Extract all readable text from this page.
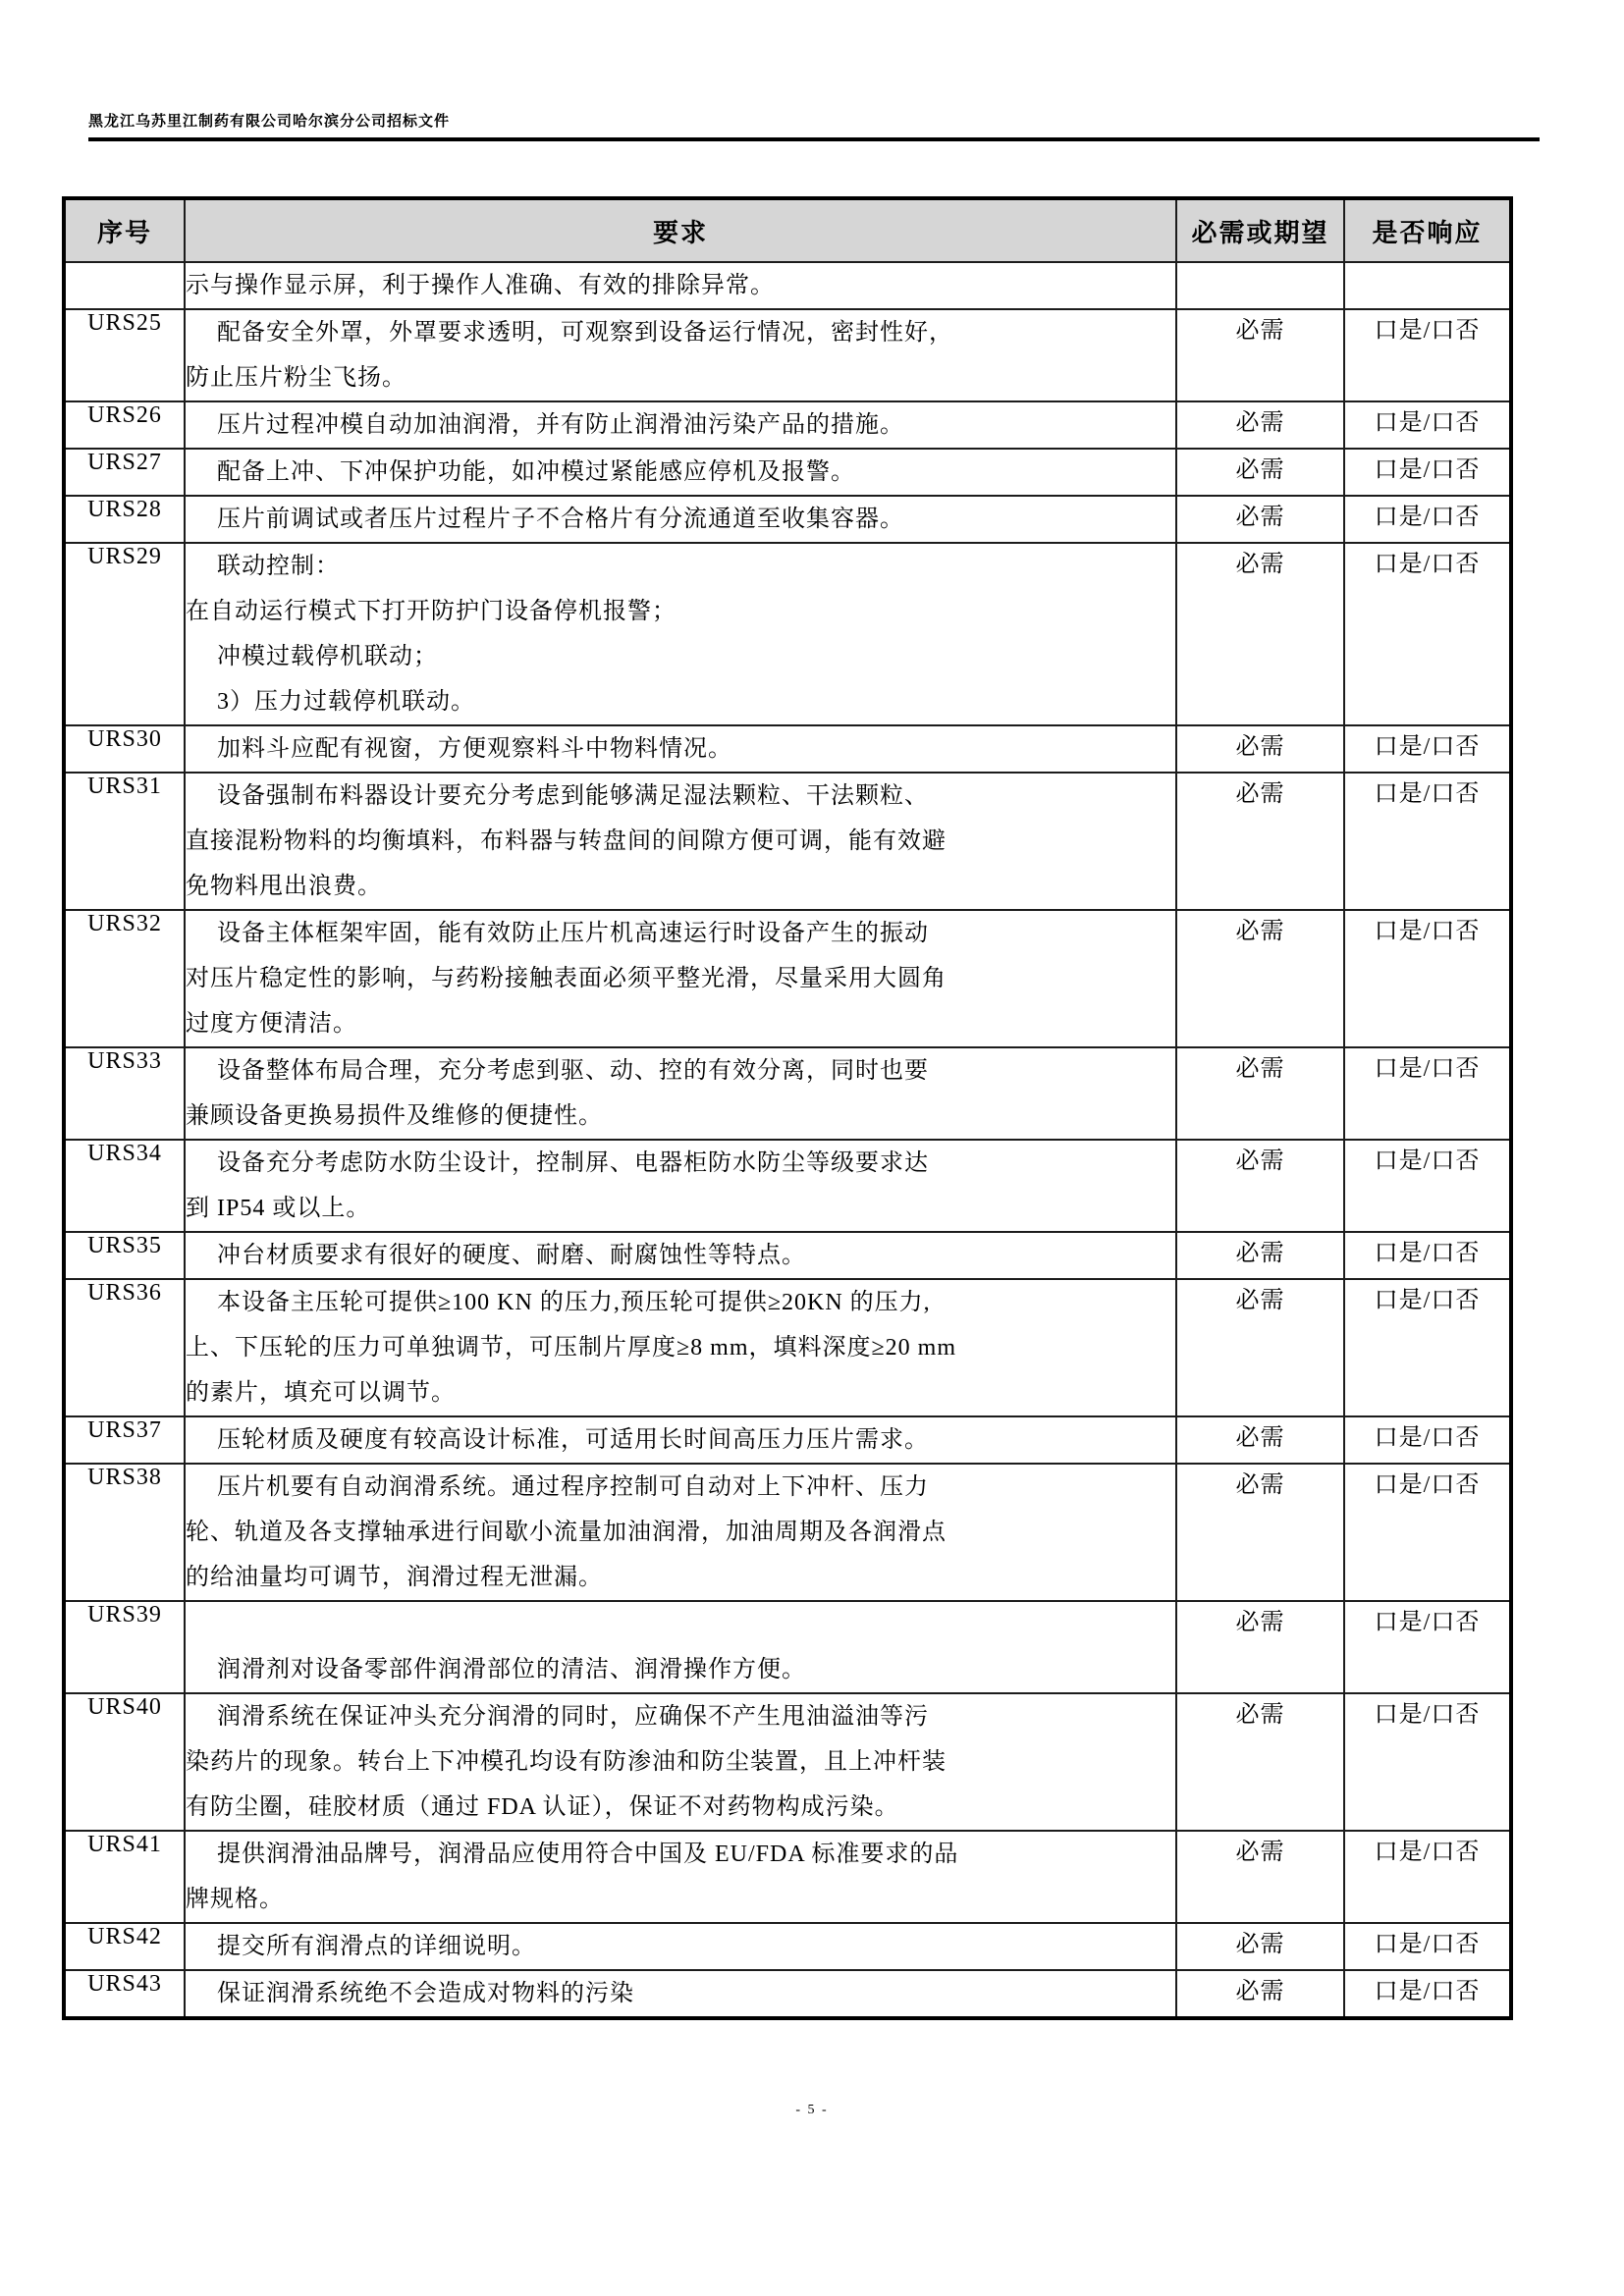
黑龙江乌苏里江制药有限公司哈尔滨分公司招标文件
序号	要求	必需或期望	是否响应

	示与操作显示屏，利于操作人准确、有效的排除异常。		

URS25	配备安全外罩，外罩要求透明，可观察到设备运行情况，密封性好，
防止压片粉尘飞扬。	必需	口是/口否
URS26	压片过程冲模自动加油润滑，并有防止润滑油污染产品的措施。	必需	口是/口否
URS27	配备上冲、下冲保护功能，如冲模过紧能感应停机及报警。	必需	口是/口否
URS28	压片前调试或者压片过程片子不合格片有分流通道至收集容器。	必需	口是/口否
URS29	联动控制：
在自动运行模式下打开防护门设备停机报警；
冲模过载停机联动；
3）压力过载停机联动。	必需	口是/口否
URS30	加料斗应配有视窗，方便观察料斗中物料情况。	必需	口是/口否
URS31	设备强制布料器设计要充分考虑到能够满足湿法颗粒、干法颗粒、
直接混粉物料的均衡填料，布料器与转盘间的间隙方便可调，能有效避
免物料甩出浪费。	必需	口是/口否
URS32	设备主体框架牢固，能有效防止压片机高速运行时设备产生的振动
对压片稳定性的影响，与药粉接触表面必须平整光滑，尽量采用大圆角
过度方便清洁。	必需	口是/口否
URS33	设备整体布局合理，充分考虑到驱、动、控的有效分离，同时也要
兼顾设备更换易损件及维修的便捷性。	必需	口是/口否
URS34	设备充分考虑防水防尘设计，控制屏、电器柜防水防尘等级要求达
到 IP54 或以上。	必需	口是/口否
URS35	冲台材质要求有很好的硬度、耐磨、耐腐蚀性等特点。	必需	口是/口否
URS36	本设备主压轮可提供≥100 KN 的压力,预压轮可提供≥20KN 的压力,
上、下压轮的压力可单独调节，可压制片厚度≥8 mm，填料深度≥20 mm
的素片，填充可以调节。	必需	口是/口否
URS37	压轮材质及硬度有较高设计标准，可适用长时间高压力压片需求。	必需	口是/口否
URS38	压片机要有自动润滑系统。通过程序控制可自动对上下冲杆、压力
轮、轨道及各支撑轴承进行间歇小流量加油润滑，加油周期及各润滑点
的给油量均可调节，润滑过程无泄漏。	必需	口是/口否
URS39	润滑剂对设备零部件润滑部位的清洁、润滑操作方便。	必需	口是/口否
URS40	润滑系统在保证冲头充分润滑的同时，应确保不产生甩油溢油等污
染药片的现象。转台上下冲模孔均设有防渗油和防尘装置，且上冲杆装
有防尘圈，硅胶材质（通过 FDA 认证），保证不对药物构成污染。	必需	口是/口否
URS41	提供润滑油品牌号，润滑品应使用符合中国及 EU/FDA 标准要求的品
牌规格。	必需	口是/口否
URS42	提交所有润滑点的详细说明。	必需	口是/口否
URS43	保证润滑系统绝不会造成对物料的污染	必需	口是/口否
- 5 -
